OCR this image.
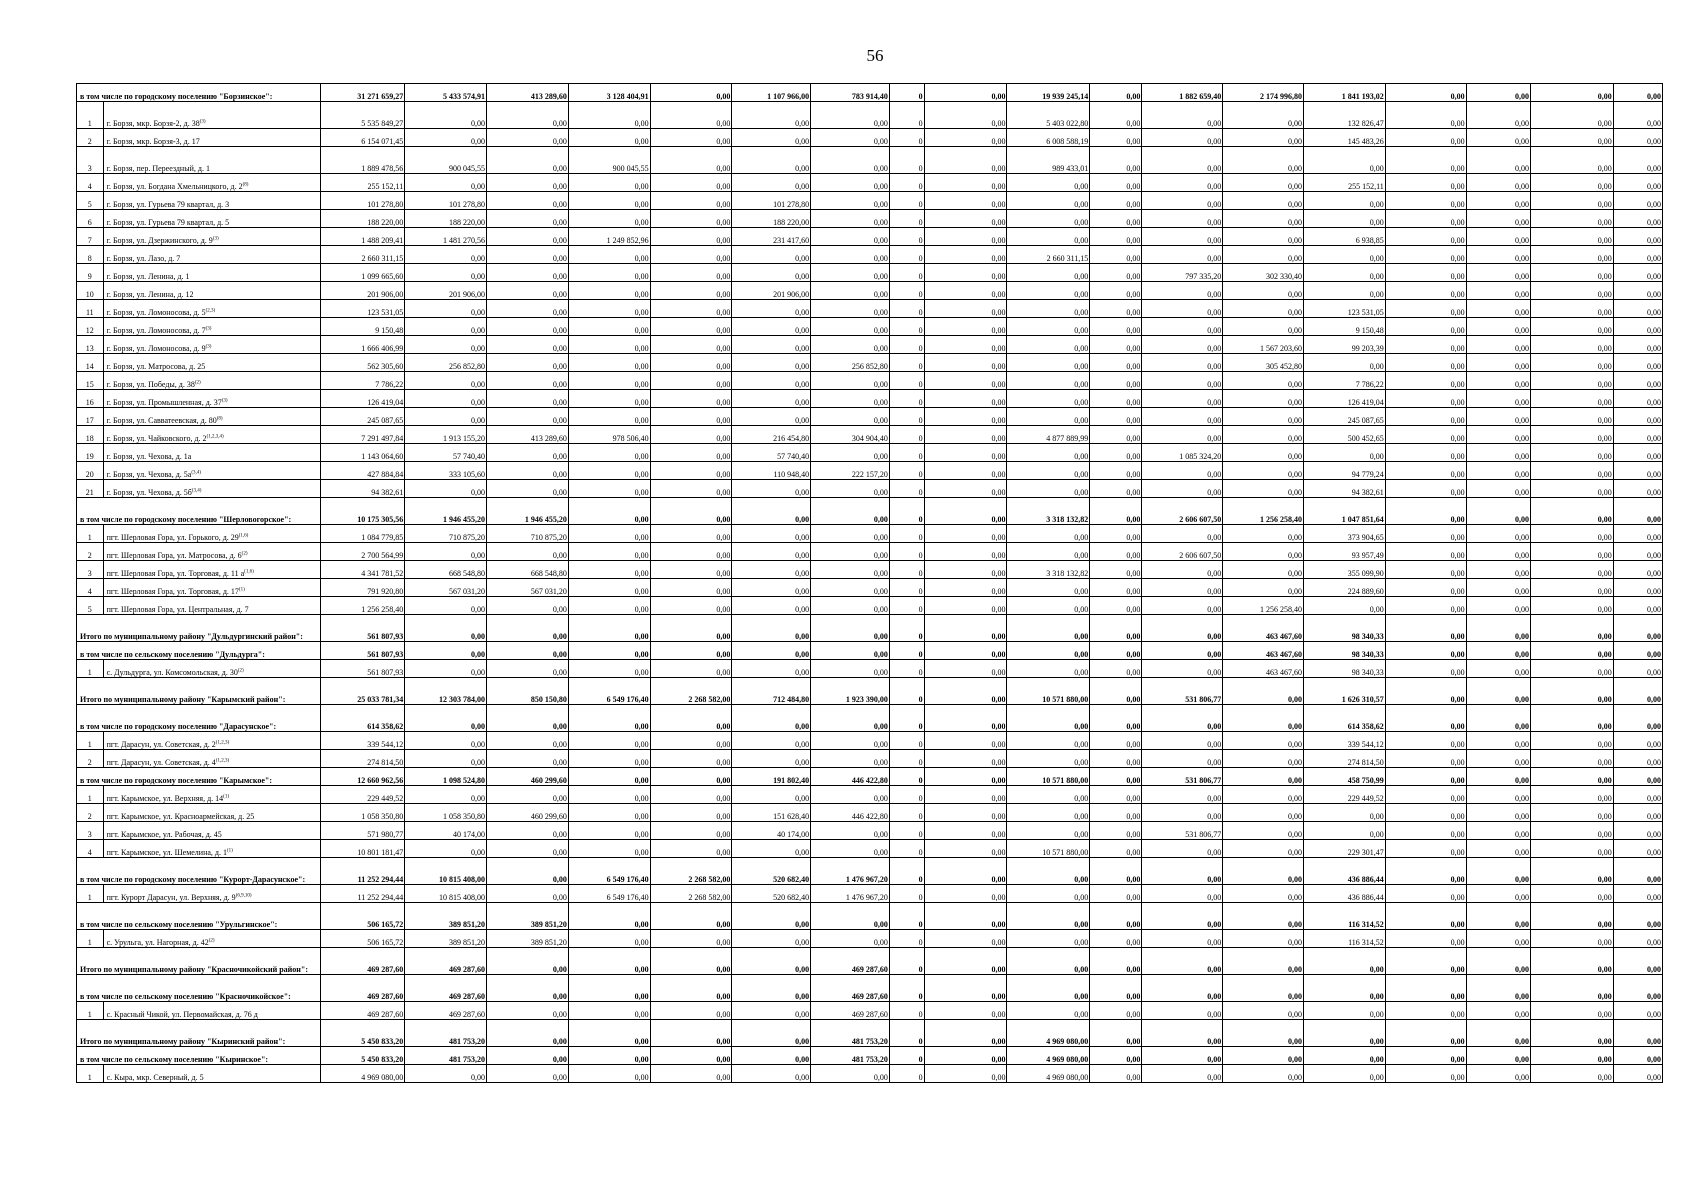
56
в том числе по городскому поселению "Борзинское":		31 271 659,27	5 433 574,91	413 289,60	3 128 404,91	0,00	1 107 966,00	783 914,40	0	0,00	19 939 245,14	0,00	1 882 659,40	2 174 996,80	1 841 193,02	0,00	0,00	0,00	0,00
1	г. Борзя, мкр. Борзя-2, д. 38$^{(3)}$	5 535 849,27	0,00	0,00	0,00	0,00	0,00	0,00	0	0,00	5 403 022,80	0,00	0,00	0,00	132 826,47	0,00	0,00	0,00	0,00
2	г. Борзя, мкр. Борзя-3, д. 17	6 154 071,45	0,00	0,00	0,00	0,00	0,00	0,00	0	0,00	6 008 588,19	0,00	0,00	0,00	145 483,26	0,00	0,00	0,00	0,00
3	г. Борзя, пер. Переездный, д. 1	1 889 478,56	900 045,55	0,00	900 045,55	0,00	0,00	0,00	0	0,00	989 433,01	0,00	0,00	0,00	0,00	0,00	0,00	0,00	0,00
4	г. Борзя, ул. Богдана Хмельницкого, д. 2$^{(8)}$	255 152,11	0,00	0,00	0,00	0,00	0,00	0,00	0	0,00	0,00	0,00	0,00	0,00	255 152,11	0,00	0,00	0,00	0,00
5	г. Борзя, ул. Гурьева 79 квартал, д. 3	101 278,80	101 278,80	0,00	0,00	0,00	101 278,80	0,00	0	0,00	0,00	0,00	0,00	0,00	0,00	0,00	0,00	0,00	0,00
6	г. Борзя, ул. Гурьева 79 квартал, д. 5	188 220,00	188 220,00	0,00	0,00	0,00	188 220,00	0,00	0	0,00	0,00	0,00	0,00	0,00	0,00	0,00	0,00	0,00	0,00
7	г. Борзя, ул. Дзержинского, д. 9$^{(3)}$	1 488 209,41	1 481 270,56	0,00	1 249 852,96	0,00	231 417,60	0,00	0	0,00	0,00	0,00	0,00	0,00	6 938,85	0,00	0,00	0,00	0,00
8	г. Борзя, ул. Лазо, д. 7	2 660 311,15	0,00	0,00	0,00	0,00	0,00	0,00	0	0,00	2 660 311,15	0,00	0,00	0,00	0,00	0,00	0,00	0,00	0,00
9	г. Борзя, ул. Ленина, д. 1	1 099 665,60	0,00	0,00	0,00	0,00	0,00	0,00	0	0,00	0,00	0,00	797 335,20	302 330,40	0,00	0,00	0,00	0,00	0,00
10	г. Борзя, ул. Ленина, д. 12	201 906,00	201 906,00	0,00	0,00	0,00	201 906,00	0,00	0	0,00	0,00	0,00	0,00	0,00	0,00	0,00	0,00	0,00	0,00
11	г. Борзя, ул. Ломоносова, д. 5$^{(2,3)}$	123 531,05	0,00	0,00	0,00	0,00	0,00	0,00	0	0,00	0,00	0,00	0,00	0,00	123 531,05	0,00	0,00	0,00	0,00
12	г. Борзя, ул. Ломоносова, д. 7$^{(3)}$	9 150,48	0,00	0,00	0,00	0,00	0,00	0,00	0	0,00	0,00	0,00	0,00	0,00	9 150,48	0,00	0,00	0,00	0,00
13	г. Борзя, ул. Ломоносова, д. 9$^{(3)}$	1 666 406,99	0,00	0,00	0,00	0,00	0,00	0,00	0	0,00	0,00	0,00	0,00	1 567 203,60	99 203,39	0,00	0,00	0,00	0,00
14	г. Борзя, ул. Матросова, д. 25	562 305,60	256 852,80	0,00	0,00	0,00	0,00	256 852,80	0	0,00	0,00	0,00	0,00	305 452,80	0,00	0,00	0,00	0,00	0,00
15	г. Борзя, ул. Победы, д. 38$^{(2)}$	7 786,22	0,00	0,00	0,00	0,00	0,00	0,00	0	0,00	0,00	0,00	0,00	0,00	7 786,22	0,00	0,00	0,00	0,00
16	г. Борзя, ул. Промышленная, д. 37$^{(3)}$	126 419,04	0,00	0,00	0,00	0,00	0,00	0,00	0	0,00	0,00	0,00	0,00	0,00	126 419,04	0,00	0,00	0,00	0,00
17	г. Борзя, ул. Савватеевская, д. 80$^{(8)}$	245 087,65	0,00	0,00	0,00	0,00	0,00	0,00	0	0,00	0,00	0,00	0,00	0,00	245 087,65	0,00	0,00	0,00	0,00
18	г. Борзя, ул. Чайковского, д. 2$^{(1,2,3,4)}$	7 291 497,84	1 913 155,20	413 289,60	978 506,40	0,00	216 454,80	304 904,40	0	0,00	4 877 889,99	0,00	0,00	0,00	500 452,65	0,00	0,00	0,00	0,00
19	г. Борзя, ул. Чехова, д. 1а	1 143 064,60	57 740,40	0,00	0,00	0,00	57 740,40	0,00	0	0,00	0,00	0,00	1 085 324,20	0,00	0,00	0,00	0,00	0,00	0,00
20	г. Борзя, ул. Чехова, д. $5а^{(3,4)}$	427 884,84	333 105,60	0,00	0,00	0,00	110 948,40	222 157,20	0	0,00	0,00	0,00	0,00	0,00	94 779,24	0,00	0,00	0,00	0,00
21	г. Борзя, ул. Чехова, д. $5б^{(3,4)}$	94 382,61	0,00	0,00	0,00	0,00	0,00	0,00	0	0,00	0,00	0,00	0,00	0,00	94 382,61	0,00	0,00	0,00	0,00
в том числе по городскому поселению "Шерловогорское":		10 175 305,56	1 946 455,20	1 946 455,20	0,00	0,00	0,00	0,00	0	0,00	3 318 132,82	0,00	2 606 607,50	1 256 258,40	1 047 851,64	0,00	0,00	0,00	0,00
1	пгт. Шерловая Гора, ул. Горького, д. 29$^{(1,6)}$	1 084 779,85	710 875,20	710 875,20	0,00	0,00	0,00	0,00	0	0,00	0,00	0,00	0,00	0,00	373 904,65	0,00	0,00	0,00	0,00
2	пгт. Шерловая Гора, ул. Матросова, д. 6$^{(2)}$	2 700 564,99	0,00	0,00	0,00	0,00	0,00	0,00	0	0,00	0,00	0,00	2 606 607,50	0,00	93 957,49	0,00	0,00	0,00	0,00
3	пгт. Шерловая Гора, ул. Торговая, д. 11 $а^{(1,6)}$	4 341 781,52	668 548,80	668 548,80	0,00	0,00	0,00	0,00	0	0,00	3 318 132,82	0,00	0,00	0,00	355 099,90	0,00	0,00	0,00	0,00
4	пгт. Шерловая Гора, ул. Торговая, д. 17$^{(1)}$	791 920,80	567 031,20	567 031,20	0,00	0,00	0,00	0,00	0	0,00	0,00	0,00	0,00	0,00	224 889,60	0,00	0,00	0,00	0,00
5	пгт. Шерловая Гора, ул. Центральная, д. 7	1 256 258,40	0,00	0,00	0,00	0,00	0,00	0,00	0	0,00	0,00	0,00	0,00	1 256 258,40	0,00	0,00	0,00	0,00	0,00
Итого по муниципальному району "Дульдургинский район":		561 807,93	0,00	0,00	0,00	0,00	0,00	0,00	0	0,00	0,00	0,00	0,00	463 467,60	98 340,33	0,00	0,00	0,00	0,00
в том числе по сельскому поселению "Дульдурга":		561 807,93	0,00	0,00	0,00	0,00	0,00	0,00	0	0,00	0,00	0,00	0,00	463 467,60	98 340,33	0,00	0,00	0,00	0,00
1	с. Дульдурга, ул. Комсомольская, д. 30$^{(2)}$	561 807,93	0,00	0,00	0,00	0,00	0,00	0,00	0	0,00	0,00	0,00	0,00	463 467,60	98 340,33	0,00	0,00	0,00	0,00
Итого по муниципальному району "Карымский район":		25 033 781,34	12 303 784,00	850 150,80	6 549 176,40	2 268 582,00	712 484,80	1 923 390,00	0	0,00	10 571 880,00	0,00	531 806,77	0,00	1 626 310,57	0,00	0,00	0,00	0,00
в том числе по городскому поселению "Дарасунское":		614 358,62	0,00	0,00	0,00	0,00	0,00	0,00	0	0,00	0,00	0,00	0,00	0,00	614 358,62	0,00	0,00	0,00	0,00
1	пгт. Дарасун, ул. Советская, д. 2$^{(1,2,3)}$	339 544,12	0,00	0,00	0,00	0,00	0,00	0,00	0	0,00	0,00	0,00	0,00	0,00	339 544,12	0,00	0,00	0,00	0,00
2	пгт. Дарасун, ул. Советская, д. 4$^{(1,2,3)}$	274 814,50	0,00	0,00	0,00	0,00	0,00	0,00	0	0,00	0,00	0,00	0,00	0,00	274 814,50	0,00	0,00	0,00	0,00
в том числе по городскому поселению "Карымское":		12 660 962,56	1 098 524,80	460 299,60	0,00	0,00	191 802,40	446 422,80	0	0,00	10 571 880,00	0,00	531 806,77	0,00	458 750,99	0,00	0,00	0,00	0,00
1	пгт. Карымское, ул. Верхняя, д. 14$^{(1)}$	229 449,52	0,00	0,00	0,00	0,00	0,00	0,00	0	0,00	0,00	0,00	0,00	0,00	229 449,52	0,00	0,00	0,00	0,00
2	пгт. Карымское, ул. Красноармейская, д. 25	1 058 350,80	1 058 350,80	460 299,60	0,00	0,00	151 628,40	446 422,80	0	0,00	0,00	0,00	0,00	0,00	0,00	0,00	0,00	0,00	0,00
3	пгт. Карымское, ул. Рабочая, д. 45	571 980,77	40 174,00	0,00	0,00	0,00	40 174,00	0,00	0	0,00	0,00	0,00	531 806,77	0,00	0,00	0,00	0,00	0,00	0,00
4	пгт. Карымское, ул. Шемелина, д. 1$^{(1)}$	10 801 181,47	0,00	0,00	0,00	0,00	0,00	0,00	0	0,00	10 571 880,00	0,00	0,00	0,00	229 301,47	0,00	0,00	0,00	0,00
в том числе по городскому поселению "Курорт-Дарасунское":		11 252 294,44	10 815 408,00	0,00	6 549 176,40	2 268 582,00	520 682,40	1 476 967,20	0	0,00	0,00	0,00	0,00	0,00	436 886,44	0,00	0,00	0,00	0,00
1	пгт. Курорт Дарасун, ул. Верхняя, д. 9$^{(6,9,10)}$	11 252 294,44	10 815 408,00	0,00	6 549 176,40	2 268 582,00	520 682,40	1 476 967,20	0	0,00	0,00	0,00	0,00	0,00	436 886,44	0,00	0,00	0,00	0,00
в том числе по сельскому поселению "Урульгинское":		506 165,72	389 851,20	389 851,20	0,00	0,00	0,00	0,00	0	0,00	0,00	0,00	0,00	0,00	116 314,52	0,00	0,00	0,00	0,00
1	с. Урульга, ул. Нагорная, д. 42$^{(2)}$	506 165,72	389 851,20	389 851,20	0,00	0,00	0,00	0,00	0	0,00	0,00	0,00	0,00	0,00	116 314,52	0,00	0,00	0,00	0,00
Итого по муниципальному району "Красночикойский район":		469 287,60	469 287,60	0,00	0,00	0,00	0,00	469 287,60	0	0,00	0,00	0,00	0,00	0,00	0,00	0,00	0,00	0,00	0,00
в том числе по сельскому поселению "Красночикойское":		469 287,60	469 287,60	0,00	0,00	0,00	0,00	469 287,60	0	0,00	0,00	0,00	0,00	0,00	0,00	0,00	0,00	0,00	0,00
1	с. Красный Чикой, ул. Первомайская, д. 76 д	469 287,60	469 287,60	0,00	0,00	0,00	0,00	469 287,60	0	0,00	0,00	0,00	0,00	0,00	0,00	0,00	0,00	0,00	0,00
Итого по муниципальному району "Кыринский район":		5 450 833,20	481 753,20	0,00	0,00	0,00	0,00	481 753,20	0	0,00	4 969 080,00	0,00	0,00	0,00	0,00	0,00	0,00	0,00	0,00
в том числе по сельскому поселению "Кыринское":		5 450 833,20	481 753,20	0,00	0,00	0,00	0,00	481 753,20	0	0,00	4 969 080,00	0,00	0,00	0,00	0,00	0,00	0,00	0,00	0,00
1	с. Кыра, мкр. Северный, д. 5	4 969 080,00	0,00	0,00	0,00	0,00	0,00	0,00	0	0,00	4 969 080,00	0,00	0,00	0,00	0,00	0,00	0,00	0,00	0,00
